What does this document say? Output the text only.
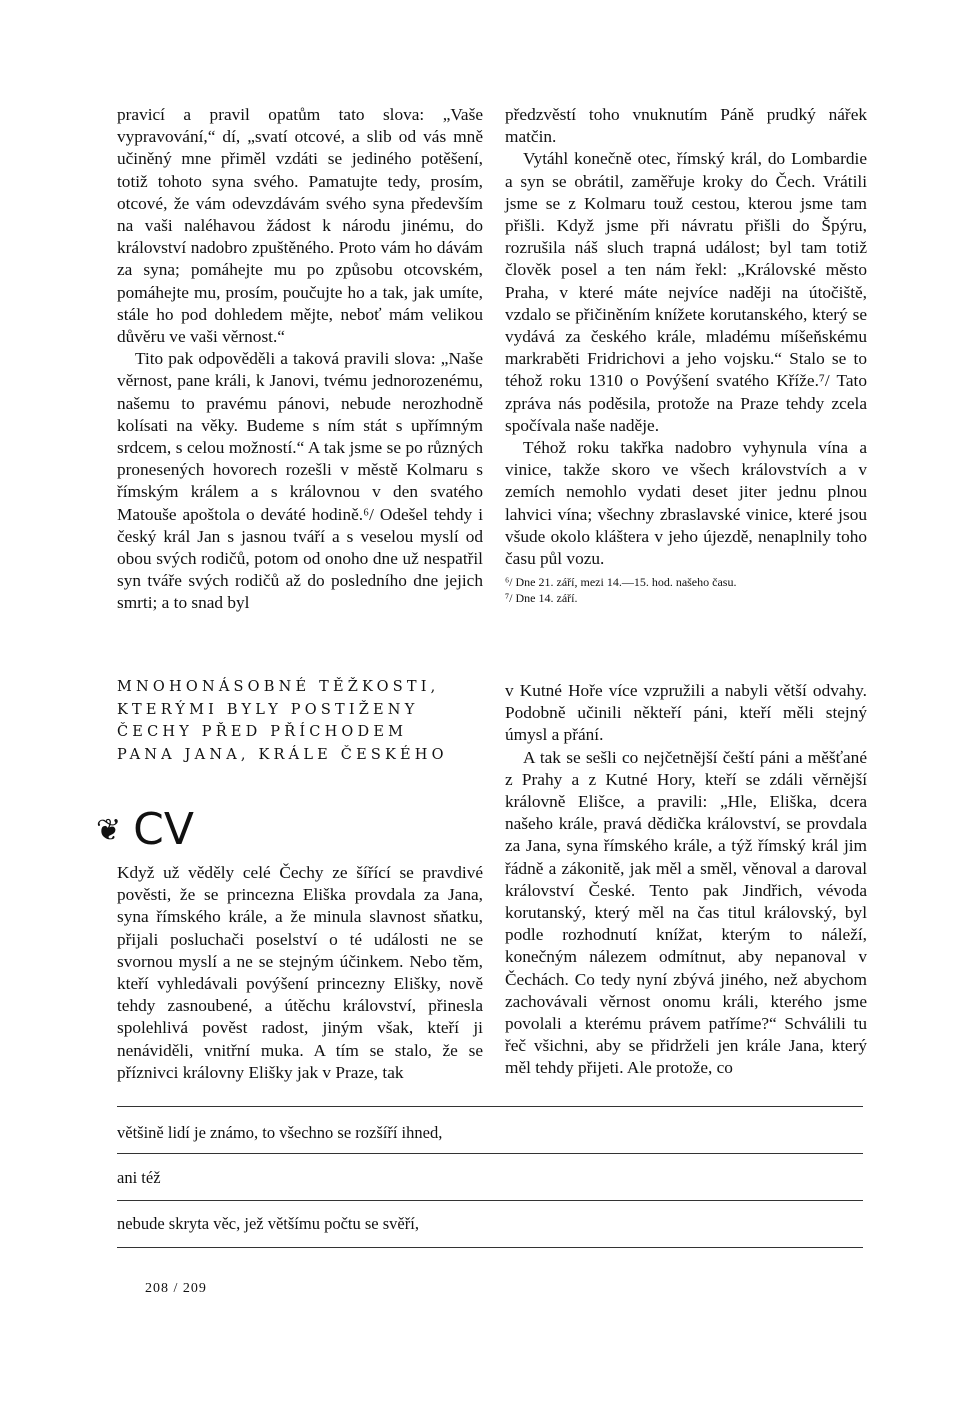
pravicí a pravil opatům tato slova: „Vaše vypravování,“ dí, „svatí otcové, a slib od vás mně učiněný mne přiměl vzdáti se jediného potěšení, totiž tohoto syna svého. Pamatujte tedy, prosím, otcové, že vám odevzdávám svého syna především na vaši naléhavou žádost k národu jinému, do království nadobro zpuštěného. Proto vám ho dávám za syna; pomáhejte mu po způsobu otcovském, pomáhejte mu, prosím, poučujte ho a tak, jak umíte, stále ho pod dohledem mějte, neboť mám velikou důvěru ve vaši věrnost.“

Tito pak odpověděli a taková pravili slova: „Naše věrnost, pane králi, k Janovi, tvému jednorozenému, našemu to pravému pánovi, nebude nerozhodně kolísati na věky. Budeme s ním stát s upřímným srdcem, s celou možností.“ A tak jsme se po různých pronesených hovorech rozešli v městě Kolmaru s římským králem a s královnou v den svatého Matouše apoštola o deváté hodině.⁶/ Odešel tehdy i český král Jan s jasnou tváří a s veselou myslí od obou svých rodičů, potom od onoho dne už nespatřil syn tváře svých rodičů až do posledního dne jejich smrti; a to snad byl

předzvěstí toho vnuknutím Páně prudký nářek matčin.

Vytáhl konečně otec, římský král, do Lombardie a syn se obrátil, zaměřuje kroky do Čech. Vrátili jsme se z Kolmaru touž cestou, kterou jsme tam přišli. Když jsme při návratu přišli do Špýru, rozrušila náš sluch trapná událost; byl tam totiž člověk posel a ten nám řekl: „Královské město Praha, v které máte nejvíce naději na útočiště, vzdalo se přičiněním knížete korutanského, který se vydává za českého krále, mladému míšeňskému markraběti Fridrichovi a jeho vojsku.“ Stalo se to téhož roku 1310 o Povýšení svatého Kříže.⁷/ Tato zpráva nás poděsila, protože na Praze tehdy zcela spočívala naše naděje.

Téhož roku takřka nadobro vyhynula vína a vinice, takže skoro ve všech královstvích a v zemích nemohlo vydati deset jiter jednu plnou lahvici vína; všechny zbraslavské vinice, které jsou všude okolo kláštera v jeho újezdě, nenaplnily toho času půl vozu.

⁶/ Dne 21. září, mezi 14.—15. hod. našeho času.

⁷/ Dne 14. září.

MNOHONÁSOBNÉ TĚŽKOSTI,
KTERÝMI BYLY POSTIŽENY
ČECHY PŘED PŘÍCHODEM
PANA JANA, KRÁLE ČESKÉHO
❦ CV

Když už věděly celé Čechy ze šířící se pravdivé pověsti, že se princezna Eliška provdala za Jana, syna římského krále, a že minula slavnost sňatku, přijali posluchači poselství o té události ne se svornou myslí a ne se stejným účinkem. Nebo těm, kteří vyhledávali povýšení princezny Elišky, nově tehdy zasnoubené, a útěchu království, přinesla spolehlivá pověst radost, jiným však, kteří ji nenáviděli, vnitřní muka. A tím se stalo, že se příznivci královny Elišky jak v Praze, tak

v Kutné Hoře více vzpružili a nabyli větší odvahy. Podobně učinili někteří páni, kteří měli stejný úmysl a přání.

A tak se sešli co nejčetnější čeští páni a měšťané z Prahy a z Kutné Hory, kteří se zdáli věrnější královně Elišce, a pravili: „Hle, Eliška, dcera našeho krále, pravá dědička království, se provdala za Jana, syna římského krále, a týž římský král jim řádně a zákonitě, jak měl a směl, věnoval a daroval království České. Tento pak Jindřich, vévoda korutanský, který měl na čas titul královský, byl podle rozhodnutí knížat, kterým to náleží, konečným nálezem odmítnut, aby nepanoval v Čechách. Co tedy nyní zbývá jiného, než abychom zachovávali věrnost onomu králi, kterého jsme povolali a kterému právem patříme?“ Schválili tu řeč všichni, aby se přidrželi jen krále Jana, který měl tehdy přijeti. Ale protože, co

většině lidí je známo, to všechno se rozšíří ihned,
ani též
nebude skryta věc, jež většímu počtu se svěří,
208 / 209
